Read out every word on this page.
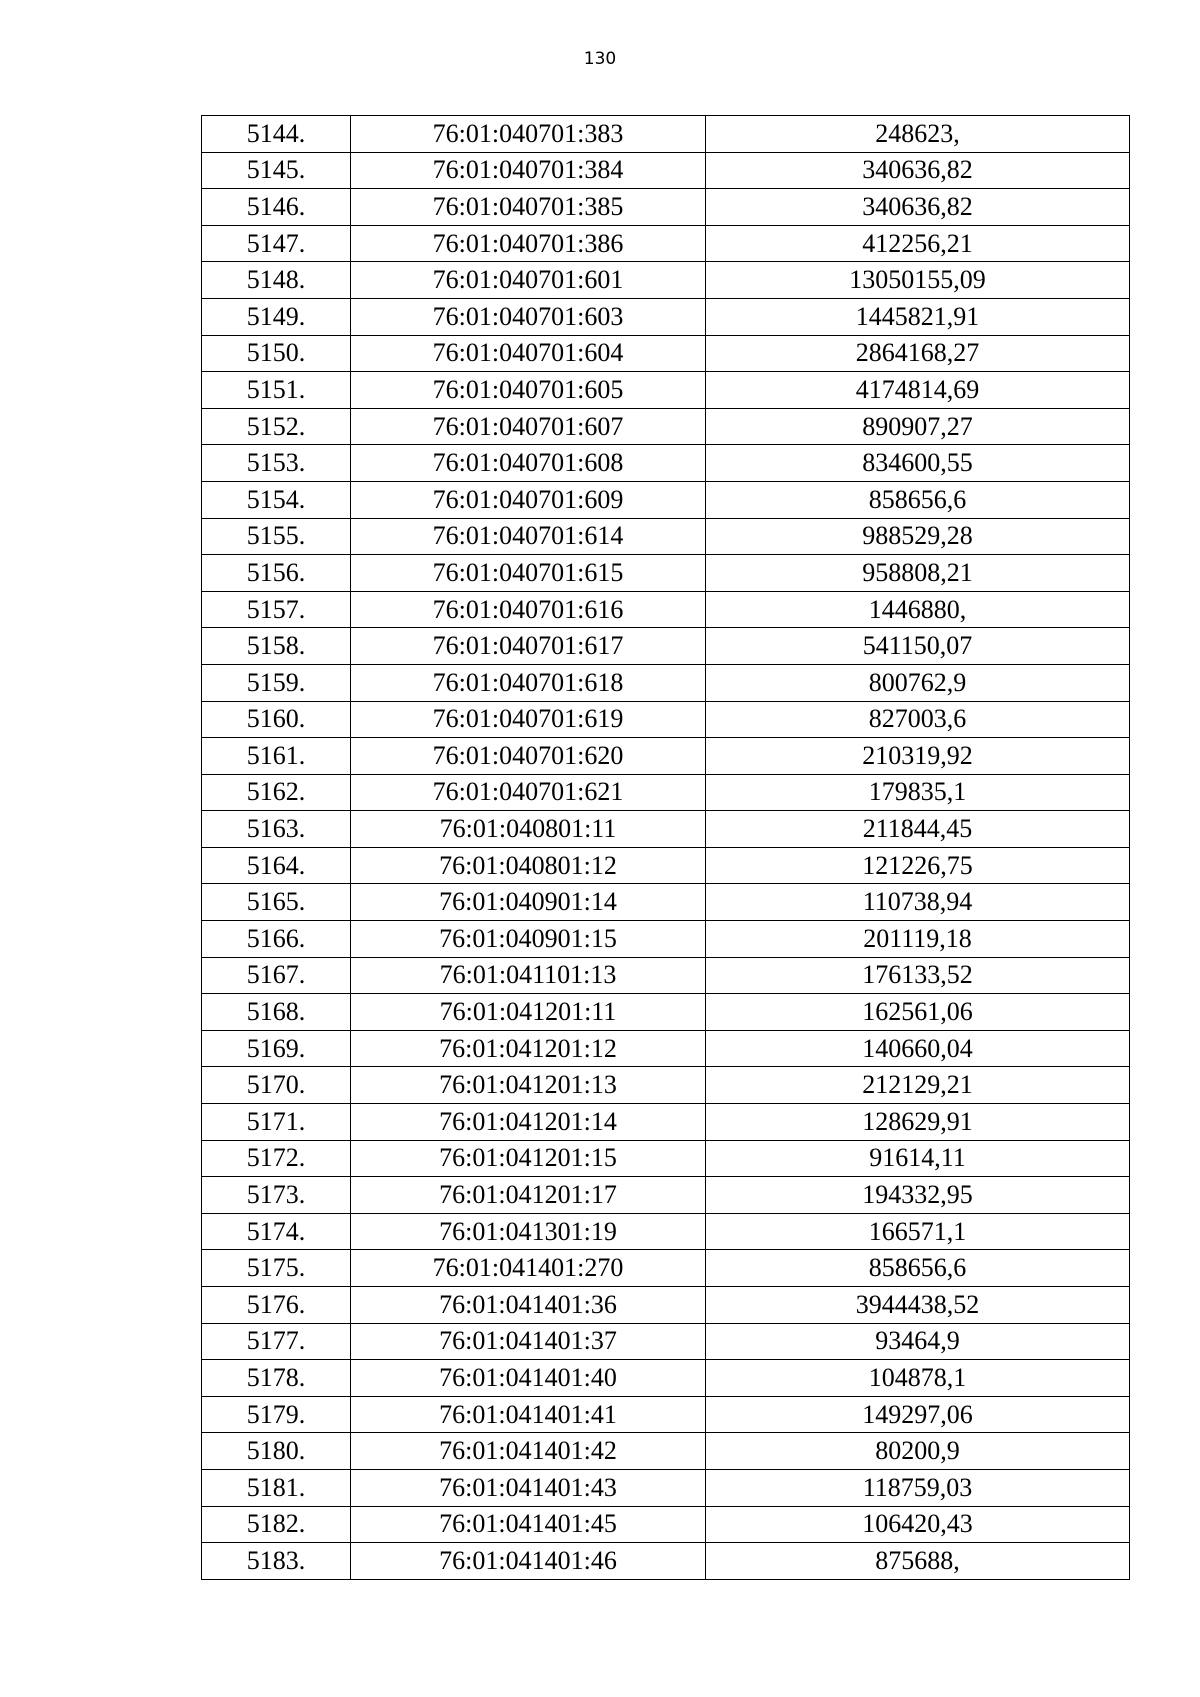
130
5144.	76:01:040701:383	248623,
5145.	76:01:040701:384	340636,82
5146.	76:01:040701:385	340636,82
5147.	76:01:040701:386	412256,21
5148.	76:01:040701:601	13050155,09
5149.	76:01:040701:603	1445821,91
5150.	76:01:040701:604	2864168,27
5151.	76:01:040701:605	4174814,69
5152.	76:01:040701:607	890907,27
5153.	76:01:040701:608	834600,55
5154.	76:01:040701:609	858656,6
5155.	76:01:040701:614	988529,28
5156.	76:01:040701:615	958808,21
5157.	76:01:040701:616	1446880,
5158.	76:01:040701:617	541150,07
5159.	76:01:040701:618	800762,9
5160.	76:01:040701:619	827003,6
5161.	76:01:040701:620	210319,92
5162.	76:01:040701:621	179835,1
5163.	76:01:040801:11	211844,45
5164.	76:01:040801:12	121226,75
5165.	76:01:040901:14	110738,94
5166.	76:01:040901:15	201119,18
5167.	76:01:041101:13	176133,52
5168.	76:01:041201:11	162561,06
5169.	76:01:041201:12	140660,04
5170.	76:01:041201:13	212129,21
5171.	76:01:041201:14	128629,91
5172.	76:01:041201:15	91614,11
5173.	76:01:041201:17	194332,95
5174.	76:01:041301:19	166571,1
5175.	76:01:041401:270	858656,6
5176.	76:01:041401:36	3944438,52
5177.	76:01:041401:37	93464,9
5178.	76:01:041401:40	104878,1
5179.	76:01:041401:41	149297,06
5180.	76:01:041401:42	80200,9
5181.	76:01:041401:43	118759,03
5182.	76:01:041401:45	106420,43
5183.	76:01:041401:46	875688,
